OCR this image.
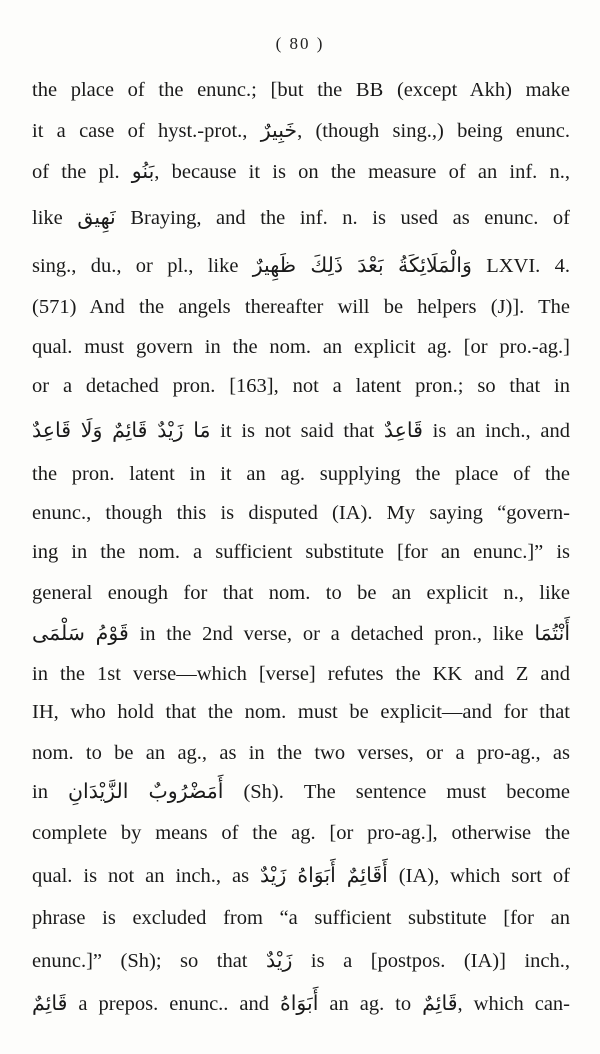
( 80 )
the place of the enunc.; [but the BB (except Akh) make
it a case of hyst.-prot., خَبِيرٌ, (though sing.,) being enunc.
of the pl. بَنُو, because it is on the measure of an inf. n.,
like نَهِيق Braying, and the inf. n. is used as enunc. of
sing., du., or pl., like وَالْمَلَائِكَةُ بَعْدَ ذَلِكَ ظَهِيرٌ LXVI. 4.
(571) And the angels thereafter will be helpers (J)]. The
qual. must govern in the nom. an explicit ag. [or pro.-ag.]
or a detached pron. [163], not a latent pron.; so that in
مَا زَيْدٌ قَائِمٌ وَلَا قَاعِدٌ it is not said that قَاعِدٌ is an inch., and
the pron. latent in it an ag. supplying the place of the
enunc., though this is disputed (IA). My saying “govern-
ing in the nom. a sufficient substitute [for an enunc.]” is
general enough for that nom. to be an explicit n., like
قَوْمُ سَلْمَى in the 2nd verse, or a detached pron., like أَنْتُمَا
in the 1st verse—which [verse] refutes the KK and Z and
IH, who hold that the nom. must be explicit—and for that
nom. to be an ag., as in the two verses, or a pro-ag., as
in أَمَضْرُوبٌ الزَّيْدَانِ (Sh). The sentence must become
complete by means of the ag. [or pro-ag.], otherwise the
qual. is not an inch., as أَقَائِمٌ أَبَوَاهُ زَيْدٌ (IA), which sort of
phrase is excluded from “a sufficient substitute [for an
enunc.]” (Sh); so that زَيْدٌ is a [postpos. (IA)] inch.,
قَائِمٌ a prepos. enunc.. and أَبَوَاهُ an ag. to قَائِمٌ, which can-
